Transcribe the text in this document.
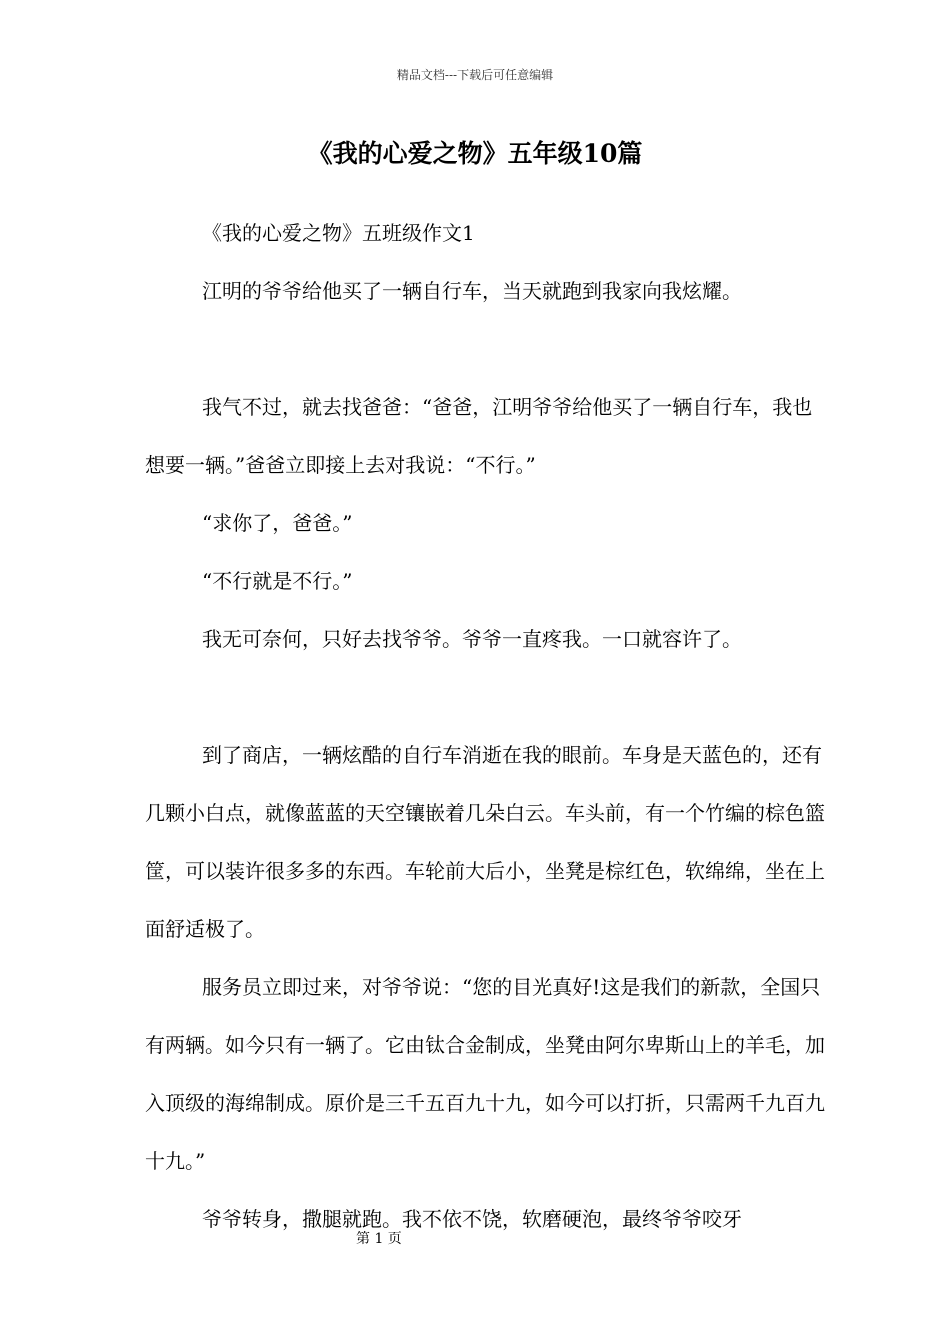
精品文档---下载后可任意编辑
《我的心爱之物》五年级10篇

《我的心爱之物》五班级作文1

江明的爷爷给他买了一辆自行车，当天就跑到我家向我炫耀。

我气不过，就去找爸爸：“爸爸，江明爷爷给他买了一辆自行车，我也想要一辆。”爸爸立即接上去对我说：“不行。”

“求你了，爸爸。”

“不行就是不行。”

我无可奈何，只好去找爷爷。爷爷一直疼我。一口就容许了。

到了商店，一辆炫酷的自行车消逝在我的眼前。车身是天蓝色的，还有几颗小白点，就像蓝蓝的天空镶嵌着几朵白云。车头前，有一个竹编的棕色篮筐，可以装许很多多的东西。车轮前大后小，坐凳是棕红色，软绵绵，坐在上面舒适极了。

服务员立即过来，对爷爷说：“您的目光真好!这是我们的新款，全国只有两辆。如今只有一辆了。它由钛合金制成，坐凳由阿尔卑斯山上的羊毛，加入顶级的海绵制成。原价是三千五百九十九，如今可以打折，只需两千九百九十九。”

爷爷转身，撒腿就跑。我不依不饶，软磨硬泡，最终爷爷咬牙

第 1 页
